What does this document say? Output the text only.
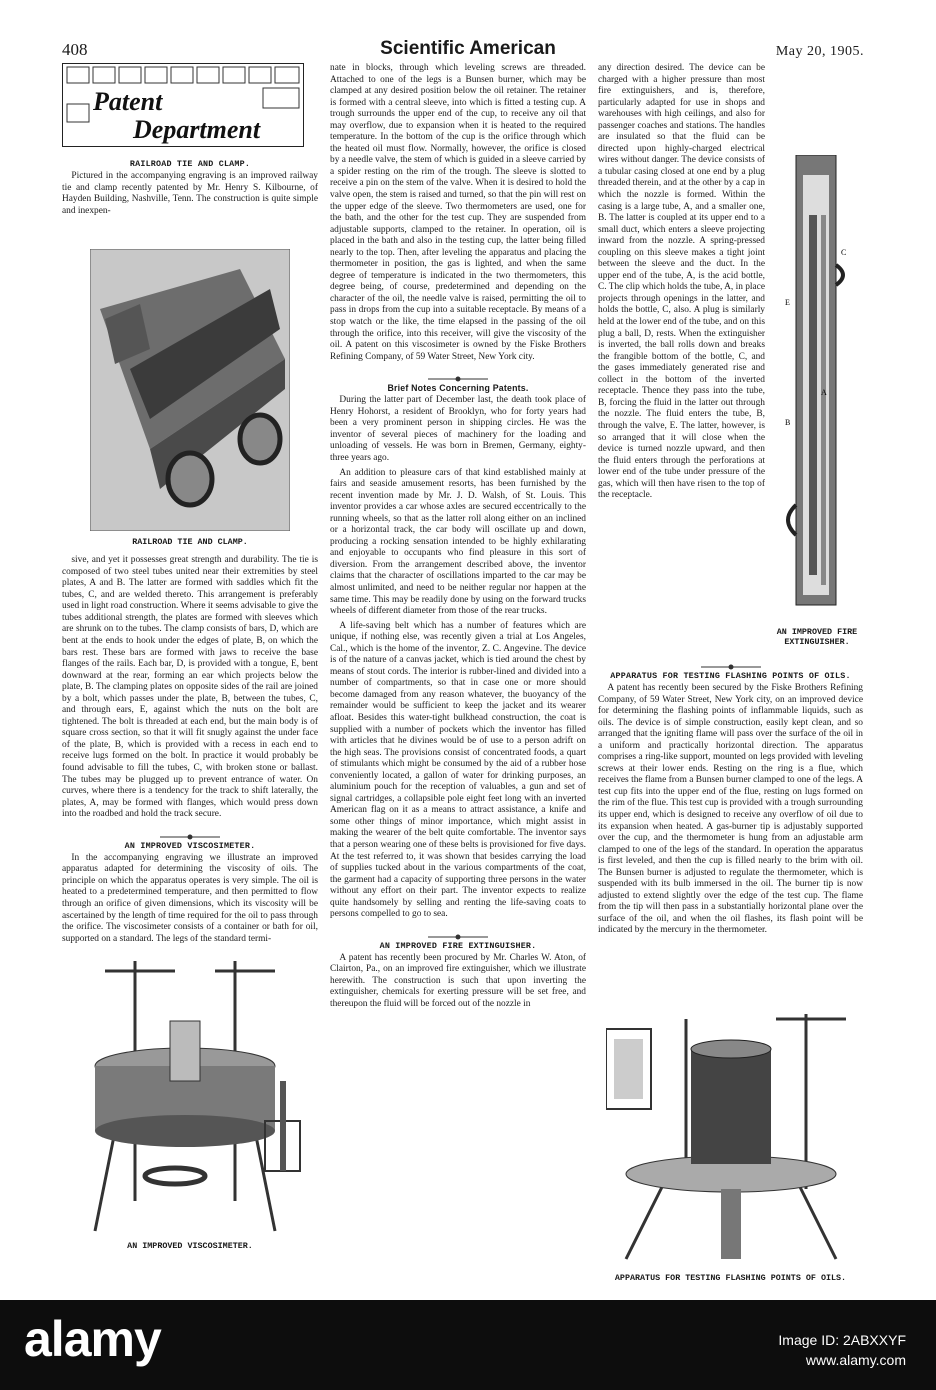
408	Scientific American	May 20, 1905.
Patent
Department
RAILROAD TIE AND CLAMP.

Pictured in the accompanying engraving is an improved railway tie and clamp recently patented by Mr. Henry S. Kilbourne, of Hayden Building, Nashville, Tenn. The construction is quite simple and inexpen-

RAILROAD TIE AND CLAMP.

sive, and yet it possesses great strength and durability. The tie is composed of two steel tubes united near their extremities by steel plates, A and B. The latter are formed with saddles which fit the tubes, C, and are welded thereto. This arrangement is preferably used in light road construction. Where it seems advisable to give the tubes additional strength, the plates are formed with sleeves which are shrunk on to the tubes. The clamp consists of bars, D, which are bent at the ends to hook under the edges of plate, B, on which the bars rest. These bars are formed with jaws to receive the base flanges of the rails. Each bar, D, is provided with a tongue, E, bent downward at the rear, forming an ear which projects below the plate, B. The clamping plates on opposite sides of the rail are joined by a bolt, which passes under the plate, B, between the tubes, C, and through ears, E, against which the nuts on the bolt are tightened. The bolt is threaded at each end, but the main body is of square cross section, so that it will fit snugly against the under face of the plate, B, which is provided with a recess in each end to receive lugs formed on the bolt. In practice it would probably be found advisable to fill the tubes, C, with broken stone or ballast. The tubes may be plugged up to prevent entrance of water. On curves, where there is a tendency for the track to shift laterally, the plates, A, may be formed with flanges, which would press down into the roadbed and hold the track secure.

AN IMPROVED VISCOSIMETER.

In the accompanying engraving we illustrate an improved apparatus adapted for determining the viscosity of oils. The principle on which the apparatus operates is very simple. The oil is heated to a predetermined temperature, and then permitted to flow through an orifice of given dimensions, which its viscosity will be ascertained by the length of time required for the oil to pass through the orifice. The viscosimeter consists of a container or bath for oil, supported on a standard. The legs of the standard termi-

AN IMPROVED VISCOSIMETER.

nate in blocks, through which leveling screws are threaded. Attached to one of the legs is a Bunsen burner, which may be clamped at any desired position below the oil retainer. The retainer is formed with a central sleeve, into which is fitted a testing cup. A trough surrounds the upper end of the cup, to receive any oil that may overflow, due to expansion when it is heated to the required temperature. In the bottom of the cup is the orifice through which the heated oil must flow. Normally, however, the orifice is closed by a needle valve, the stem of which is guided in a sleeve carried by a spider resting on the rim of the trough. The sleeve is slotted to receive a pin on the stem of the valve. When it is desired to hold the valve open, the stem is raised and turned, so that the pin will rest on the upper edge of the sleeve. Two thermometers are used, one for the bath, and the other for the test cup. They are suspended from adjustable supports, clamped to the retainer. In operation, oil is placed in the bath and also in the testing cup, the latter being filled nearly to the top. Then, after leveling the apparatus and placing the thermometer in position, the gas is lighted, and when the same degree of temperature is indicated in the two thermometers, this degree being, of course, predetermined and depending on the character of the oil, the needle valve is raised, permitting the oil to pass in drops from the cup into a suitable receptacle. By means of a stop watch or the like, the time elapsed in the passing of the oil through the orifice, into this receiver, will give the viscosity of the oil. A patent on this viscosimeter is owned by the Fiske Brothers Refining Company, of 59 Water Street, New York city.

Brief Notes Concerning Patents.

During the latter part of December last, the death took place of Henry Hohorst, a resident of Brooklyn, who for forty years had been a very prominent person in shipping circles. He was the inventor of several pieces of machinery for the loading and unloading of vessels. He was born in Bremen, Germany, eighty-three years ago.

An addition to pleasure cars of that kind established mainly at fairs and seaside amusement resorts, has been furnished by the recent invention made by Mr. J. D. Walsh, of St. Louis. This inventor provides a car whose axles are secured eccentrically to the running wheels, so that as the latter roll along either on an inclined or a horizontal track, the car body will oscillate up and down, producing a rocking sensation intended to be highly exhilarating and enjoyable to occupants who find pleasure in this sort of diversion. From the arrangement described above, the inventor claims that the character of oscillations imparted to the car may be almost unlimited, and need to be neither regular nor happen at the same time. This may be readily done by using on the forward trucks wheels of different diameter from those of the rear trucks.

A life-saving belt which has a number of features which are unique, if nothing else, was recently given a trial at Los Angeles, Cal., which is the home of the inventor, Z. C. Angevine. The device is of the nature of a canvas jacket, which is tied around the chest by means of stout cords. The interior is rubber-lined and divided into a number of compartments, so that in case one or more should become damaged from any reason whatever, the buoyancy of the remainder would be sufficient to keep the jacket and its wearer afloat. Besides this water-tight bulkhead construction, the coat is supplied with a number of pockets which the inventor has filled with articles that he divines would be of use to a person adrift on the high seas. The provisions consist of concentrated foods, a quart of stimulants which might be consumed by the aid of a rubber hose conveniently located, a gallon of water for drinking purposes, an aluminium pouch for the reception of valuables, a gun and set of signal cartridges, a collapsible pole eight feet long with an inverted American flag on it as a means to attract assistance, a knife and some other things of minor importance, which might assist in making the wearer of the belt quite comfortable. The inventor says that a person wearing one of these belts is provisioned for five days. At the test referred to, it was shown that besides carrying the load of supplies tucked about in the various compartments of the coat, the garment had a capacity of supporting three persons in the water without any effort on their part. The inventor expects to realize quite handsomely by selling and renting the life-saving coats to persons compelled to go to sea.

AN IMPROVED FIRE EXTINGUISHER.

A patent has recently been procured by Mr. Charles W. Aton, of Clairton, Pa., on an improved fire extinguisher, which we illustrate herewith. The construction is such that upon inverting the extinguisher, chemicals for exerting pressure will be set free, and thereupon the fluid will be forced out of the nozzle in

C
E
A
B
AN IMPROVED FIRE EXTINGUISHER.

any direction desired. The device can be charged with a higher pressure than most fire extinguishers, and is, therefore, particularly adapted for use in shops and warehouses with high ceilings, and also for passenger coaches and stations. The handles are insulated so that the fluid can be directed upon highly-charged electrical wires without danger. The device consists of a tubular casing closed at one end by a plug threaded therein, and at the other by a cap in which the nozzle is formed. Within the casing is a large tube, A, and a smaller one, B. The latter is coupled at its upper end to a small duct, which enters a sleeve projecting inward from the nozzle. A spring-pressed coupling on this sleeve makes a tight joint between the sleeve and the duct. In the upper end of the tube, A, is the acid bottle, C. The clip which holds the tube, A, in place projects through openings in the latter, and holds the bottle, C, also. A plug is similarly held at the lower end of the tube, and on this plug a ball, D, rests. When the extinguisher is inverted, the ball rolls down and breaks the frangible bottom of the bottle, C, and the gases immediately generated rise and collect in the bottom of the inverted receptacle. Thence they pass into the tube, B, forcing the fluid in the latter out through the nozzle. The fluid enters the tube, B, through the valve, E. The latter, however, is so arranged that it will close when the device is turned nozzle upward, and then the fluid enters through the perforations at lower end of the tube under pressure of the gas, which will then have risen to the top of the receptacle.

APPARATUS FOR TESTING FLASHING POINTS OF OILS.

A patent has recently been secured by the Fiske Brothers Refining Company, of 59 Water Street, New York city, on an improved device for determining the flashing points of inflammable liquids, such as oils. The device is of simple construction, easily kept clean, and so arranged that the igniting flame will pass over the surface of the oil in a uniform and practically horizontal direction. The apparatus comprises a ring-like support, mounted on legs provided with leveling screws at their lower ends. Resting on the ring is a flue, which receives the flame from a Bunsen burner clamped to one of the legs. A test cup fits into the upper end of the flue, resting on lugs formed on the rim of the flue. This test cup is provided with a trough surrounding its upper end, which is designed to receive any overflow of oil due to its expansion when heated. A gas-burner tip is adjustably supported over the cup, and the thermometer is hung from an adjustable arm clamped to one of the legs of the standard. In operation the apparatus is first leveled, and then the cup is filled nearly to the brim with oil. The Bunsen burner is adjusted to regulate the thermometer, which is suspended with its bulb immersed in the oil. The burner tip is now adjusted to extend slightly over the edge of the test cup. The flame from the tip will then pass in a substantially horizontal plane over the surface of the oil, and when the oil flashes, its flash point will be indicated by the mercury in the thermometer.

APPARATUS FOR TESTING FLASHING POINTS OF OILS.
alamy	Image ID: 2ABXXYF
www.alamy.com
